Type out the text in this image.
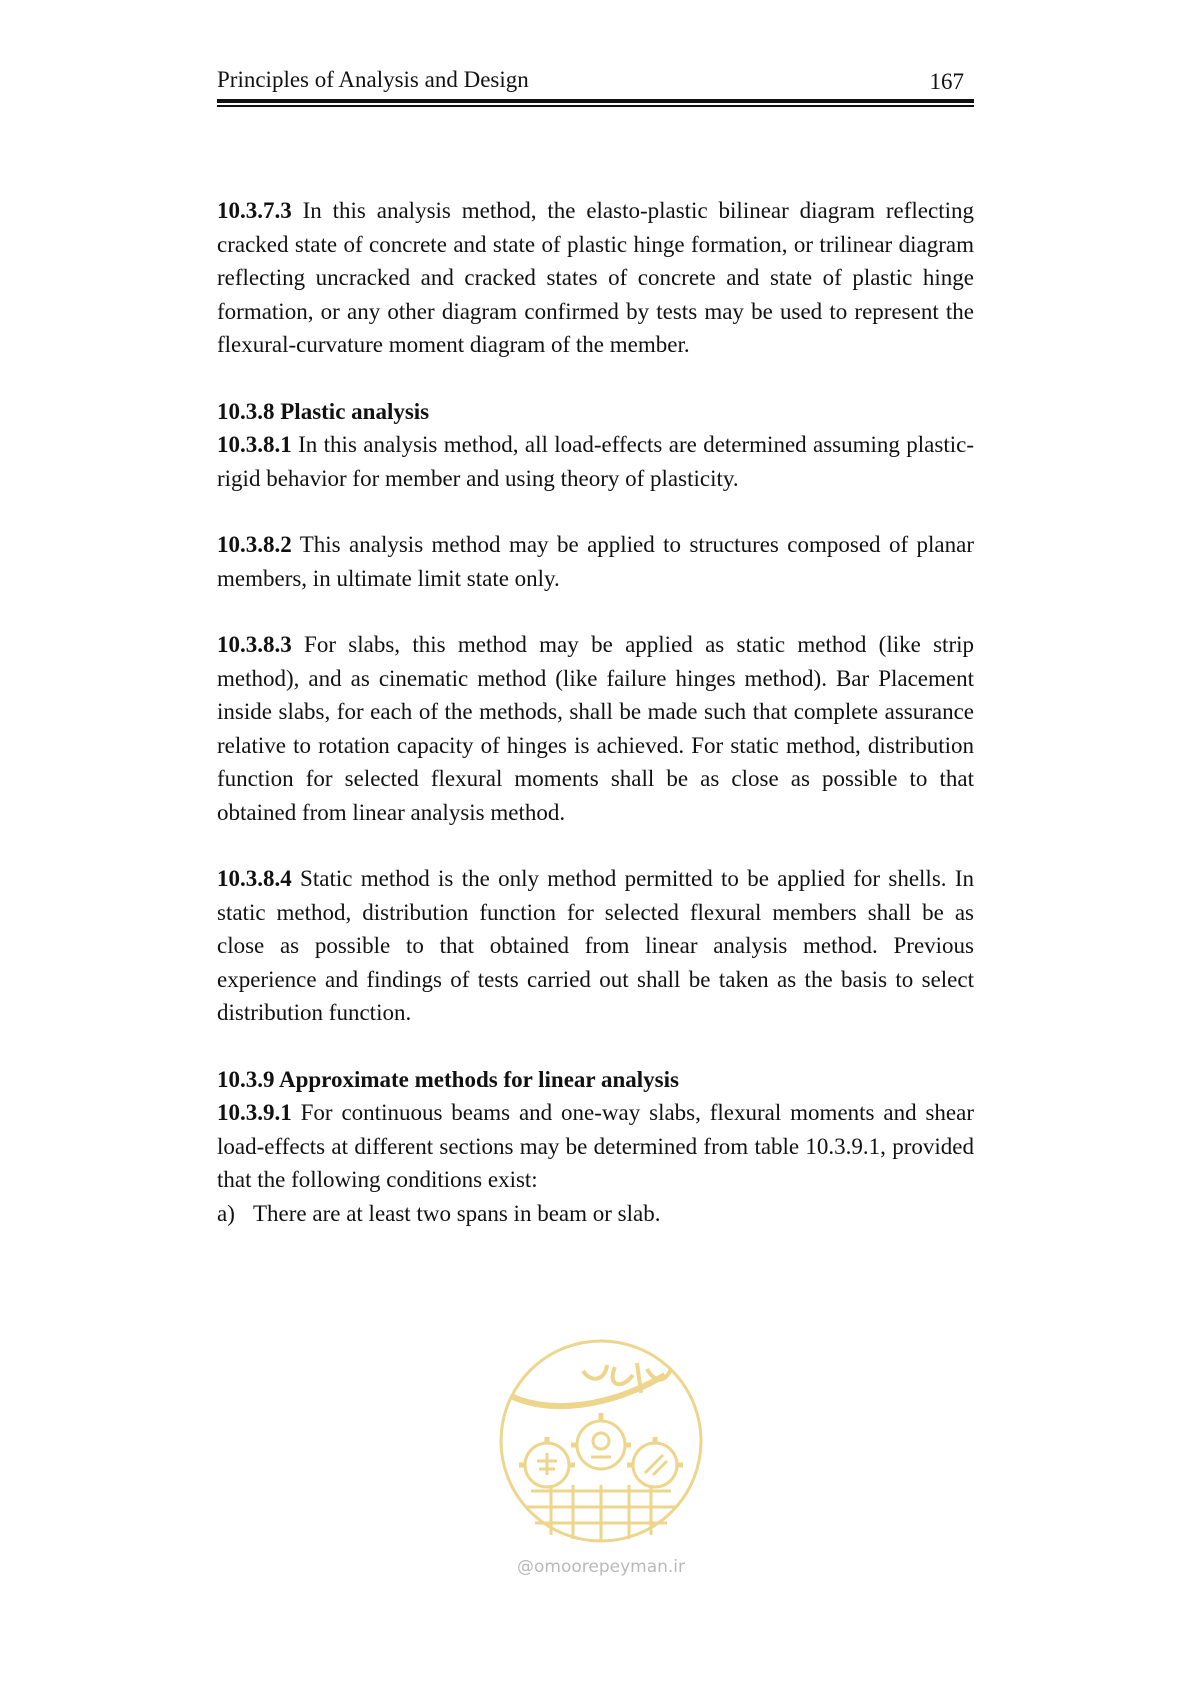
Principles of Analysis and Design	167

10.3.7.3 In this analysis method, the elasto-plastic bilinear diagram reflecting cracked state of concrete and state of plastic hinge formation, or trilinear diagram reflecting uncracked and cracked states of concrete and state of plastic hinge formation, or any other diagram confirmed by tests may be used to represent the flexural-curvature moment diagram of the member.

10.3.8 Plastic analysis

10.3.8.1 In this analysis method, all load-effects are determined assuming plastic-rigid behavior for member and using theory of plasticity.

10.3.8.2 This analysis method may be applied to structures composed of planar members, in ultimate limit state only.

10.3.8.3 For slabs, this method may be applied as static method (like strip method), and as cinematic method (like failure hinges method). Bar Placement inside slabs, for each of the methods, shall be made such that complete assurance relative to rotation capacity of hinges is achieved. For static method, distribution function for selected flexural moments shall be as close as possible to that obtained from linear analysis method.

10.3.8.4 Static method is the only method permitted to be applied for shells. In static method, distribution function for selected flexural members shall be as close as possible to that obtained from linear analysis method. Previous experience and findings of tests carried out shall be taken as the basis to select distribution function.

10.3.9 Approximate methods for linear analysis

10.3.9.1 For continuous beams and one-way slabs, flexural moments and shear load-effects at different sections may be determined from table 10.3.9.1, provided that the following conditions exist:

a) There are at least two spans in beam or slab.
@omoorepeyman.ir
